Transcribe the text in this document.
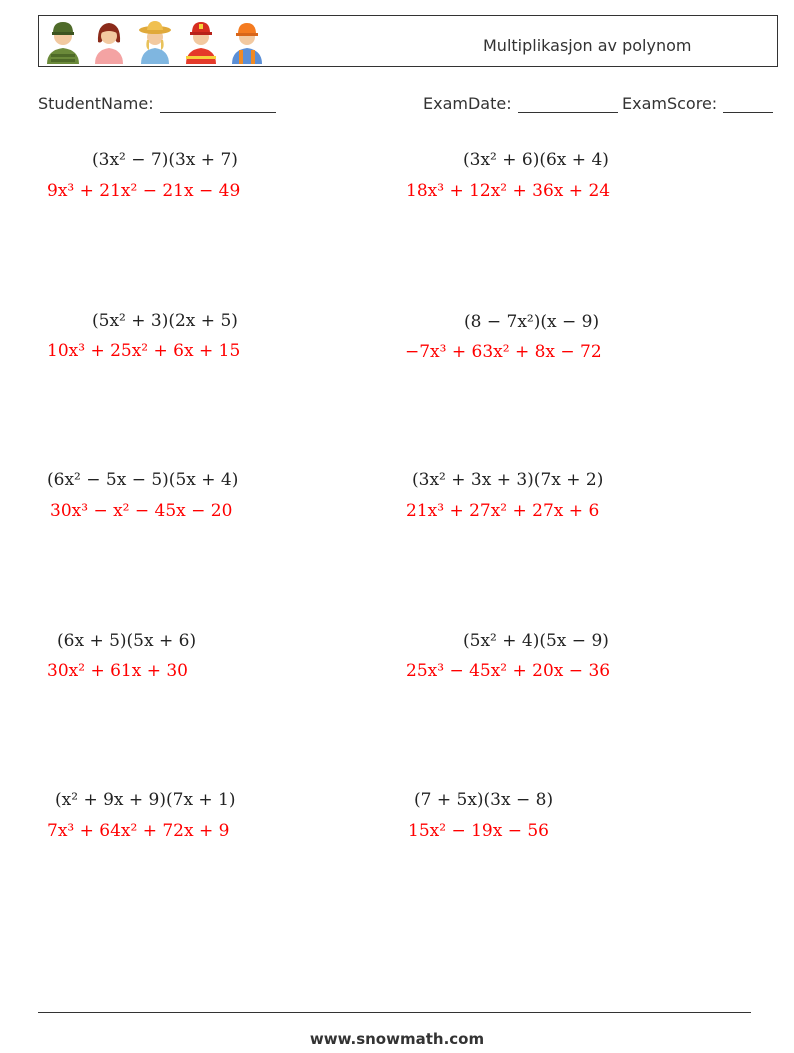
Multiplikasjon av polynom
StudentName:	ExamDate:	ExamScore:
(3x² − 7)(3x + 7)
9x³ + 21x² − 21x − 49
(5x² + 3)(2x + 5)
10x³ + 25x² + 6x + 15
(6x² − 5x − 5)(5x + 4)
30x³ − x² − 45x − 20
(6x + 5)(5x + 6)
30x² + 61x + 30
(x² + 9x + 9)(7x + 1)
7x³ + 64x² + 72x + 9
(3x² + 6)(6x + 4)
18x³ + 12x² + 36x + 24
(8 − 7x²)(x − 9)
−7x³ + 63x² + 8x − 72
(3x² + 3x + 3)(7x + 2)
21x³ + 27x² + 27x + 6
(5x² + 4)(5x − 9)
25x³ − 45x² + 20x − 36
(7 + 5x)(3x − 8)
15x² − 19x − 56
www.snowmath.com
